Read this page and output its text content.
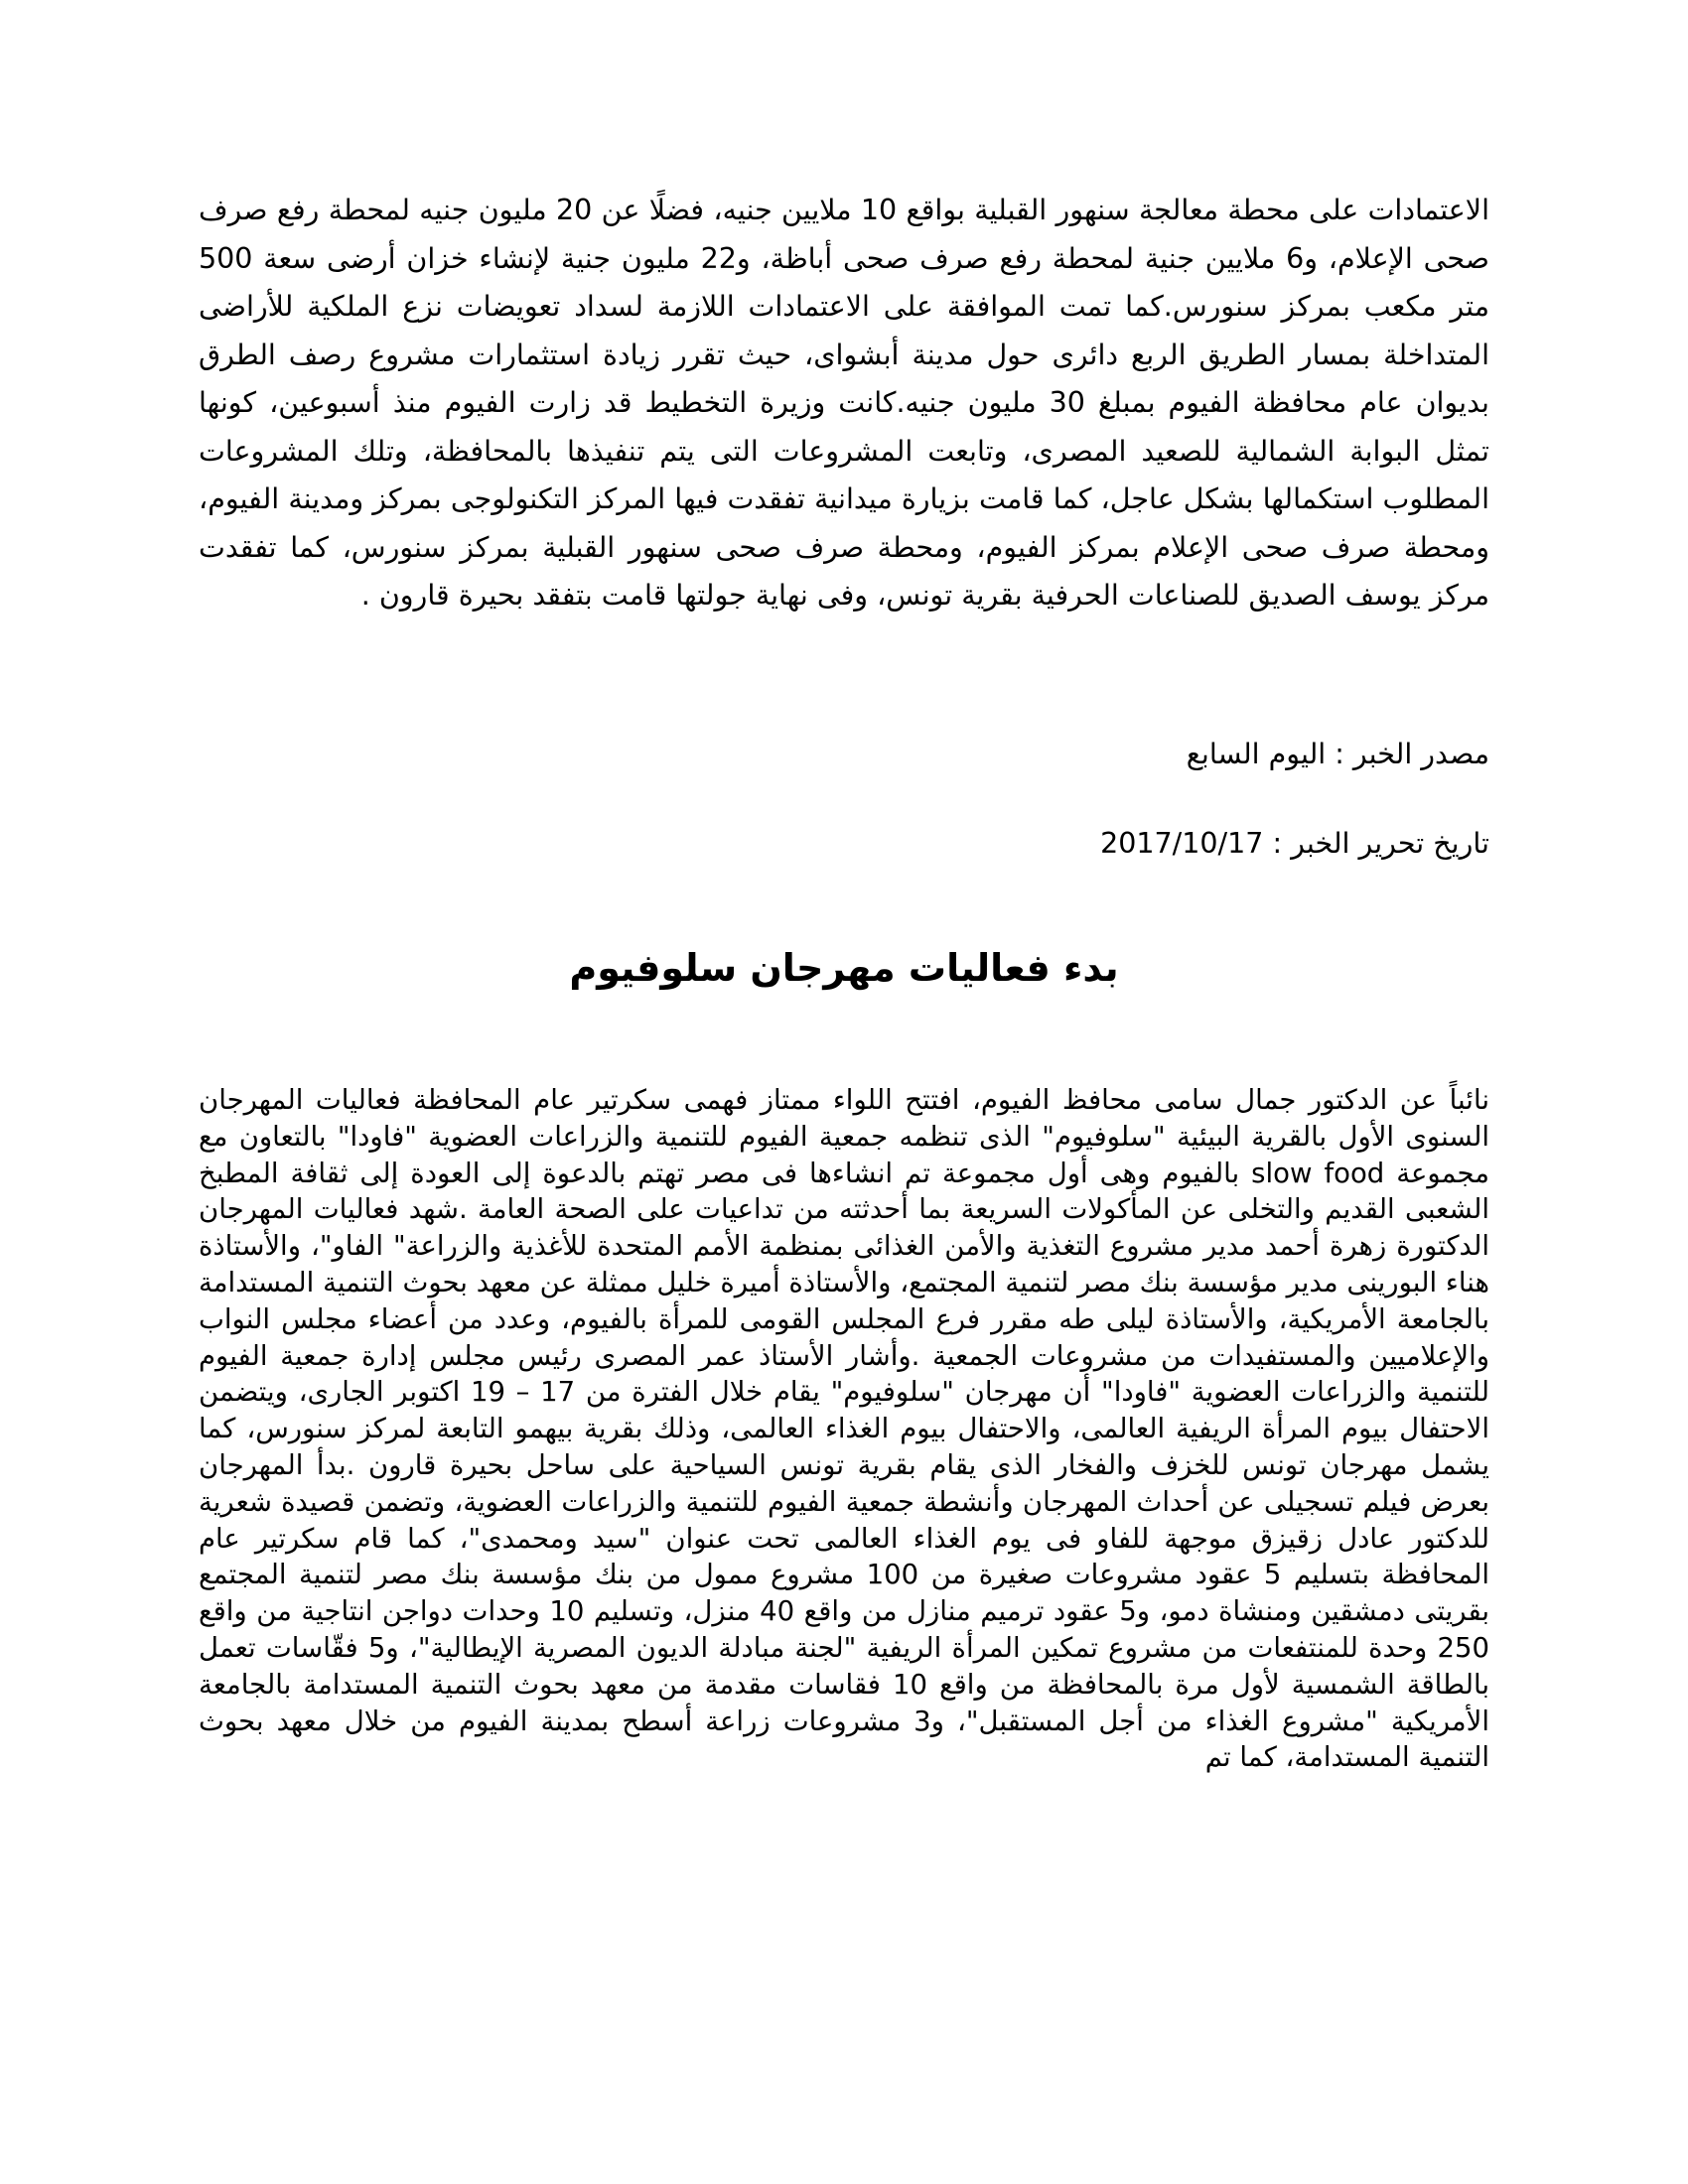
الاعتمادات على محطة معالجة سنهور القبلية بواقع 10 ملايين جنيه، فضلًا عن 20 مليون جنيه لمحطة رفع صرف صحى الإعلام، و6 ملايين جنية لمحطة رفع صرف صحى أباظة، و22 مليون جنية لإنشاء خزان أرضى سعة 500 متر مكعب بمركز سنورس.كما تمت الموافقة على الاعتمادات اللازمة لسداد تعويضات نزع الملكية للأراضى المتداخلة بمسار الطريق الربع دائرى حول مدينة أبشواى، حيث تقرر زيادة استثمارات مشروع رصف الطرق بديوان عام محافظة الفيوم بمبلغ 30 مليون جنيه.كانت وزيرة التخطيط قد زارت الفيوم منذ أسبوعين، كونها تمثل البوابة الشمالية للصعيد المصرى، وتابعت المشروعات التى يتم تنفيذها بالمحافظة، وتلك المشروعات المطلوب استكمالها بشكل عاجل، كما قامت بزيارة ميدانية تفقدت فيها المركز التكنولوجى بمركز ومدينة الفيوم، ومحطة صرف صحى الإعلام بمركز الفيوم، ومحطة صرف صحى سنهور القبلية بمركز سنورس، كما تفقدت مركز يوسف الصديق للصناعات الحرفية بقرية تونس، وفى نهاية جولتها قامت بتفقد بحيرة قارون .

مصدر الخبر : اليوم السابع

تاريخ تحرير الخبر : 2017/10/17

بدء فعاليات مهرجان سلوفيوم

نائباً عن الدكتور جمال سامى محافظ الفيوم، افتتح اللواء ممتاز فهمى سكرتير عام المحافظة فعاليات المهرجان السنوى الأول بالقرية البيئية "سلوفيوم" الذى تنظمه جمعية الفيوم للتنمية والزراعات العضوية "فاودا" بالتعاون مع مجموعة slow food بالفيوم وهى أول مجموعة تم انشاءها فى مصر تهتم بالدعوة إلى العودة إلى ثقافة المطبخ الشعبى القديم والتخلى عن المأكولات السريعة بما أحدثته من تداعيات على الصحة العامة .شهد فعاليات المهرجان الدكتورة زهرة أحمد مدير مشروع التغذية والأمن الغذائى بمنظمة الأمم المتحدة للأغذية والزراعة" الفاو"، والأستاذة هناء البورينى مدير مؤسسة بنك مصر لتنمية المجتمع، والأستاذة أميرة خليل ممثلة عن معهد بحوث التنمية المستدامة بالجامعة الأمريكية، والأستاذة ليلى طه مقرر فرع المجلس القومى للمرأة بالفيوم، وعدد من أعضاء مجلس النواب والإعلاميين والمستفيدات من مشروعات الجمعية .وأشار الأستاذ عمر المصرى رئيس مجلس إدارة جمعية الفيوم للتنمية والزراعات العضوية "فاودا" أن مهرجان "سلوفيوم" يقام خلال الفترة من 17 – 19 اكتوبر الجارى، ويتضمن الاحتفال بيوم المرأة الريفية العالمى، والاحتفال بيوم الغذاء العالمى، وذلك بقرية بيهمو التابعة لمركز سنورس، كما يشمل مهرجان تونس للخزف والفخار الذى يقام بقرية تونس السياحية على ساحل بحيرة قارون .بدأ المهرجان بعرض فيلم تسجيلى عن أحداث المهرجان وأنشطة جمعية الفيوم للتنمية والزراعات العضوية، وتضمن قصيدة شعرية للدكتور عادل زقيزق موجهة للفاو فى يوم الغذاء العالمى تحت عنوان "سيد ومحمدى"، كما قام سكرتير عام المحافظة بتسليم 5 عقود مشروعات صغيرة من 100 مشروع ممول من بنك مؤسسة بنك مصر لتنمية المجتمع بقريتى دمشقين ومنشاة دمو، و5 عقود ترميم منازل من واقع 40 منزل، وتسليم 10 وحدات دواجن انتاجية من واقع 250 وحدة للمنتفعات من مشروع تمكين المرأة الريفية "لجنة مبادلة الديون المصرية الإيطالية"، و5 فقّاسات تعمل بالطاقة الشمسية لأول مرة بالمحافظة من واقع 10 فقاسات مقدمة من معهد بحوث التنمية المستدامة بالجامعة الأمريكية "مشروع الغذاء من أجل المستقبل"، و3 مشروعات زراعة أسطح بمدينة الفيوم من خلال معهد بحوث التنمية المستدامة، كما تم
